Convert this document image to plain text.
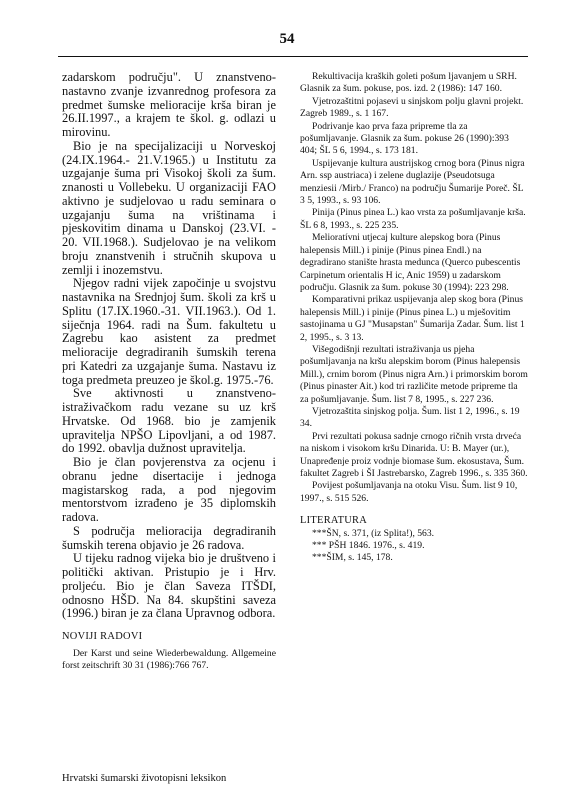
54

zadarskom području". U znanstveno-nastavno zvanje izvanrednog profesora za predmet šumske melioracije krša biran je 26.II.1997., a krajem te škol. g. odlazi u mirovinu.

Bio je na specijalizaciji u Norveskoj (24.IX.1964.- 21.V.1965.) u Institutu za uzgajanje šuma pri Visokoj školi za šum. znanosti u Vollebeku. U organizaciji FAO aktivno je sudjelovao u radu seminara o uzgajanju šuma na vrištinama i pjeskovitim dinama u Danskoj (23.VI. - 20. VII.1968.). Sudjelovao je na velikom broju znanstvenih i stručnih skupova u zemlji i inozemstvu.

Njegov radni vijek započinje u svojstvu nastavnika na Srednjoj šum. školi za krš u Splitu (17.IX.1960.-31. VII.1963.). Od 1. siječnja 1964. radi na Šum. fakultetu u Zagrebu kao asistent za predmet melioracije degradiranih šumskih terena pri Katedri za uzgajanje šuma. Nastavu iz toga predmeta preuzeo je škol.g. 1975.-76.

Sve aktivnosti u znanstveno-istraživačkom radu vezane su uz krš Hrvatske. Od 1968. bio je zamjenik upravitelja NPŠO Lipovljani, a od 1987. do 1992. obavlja dužnost upravitelja.

Bio je član povjerenstva za ocjenu i obranu jedne disertacije i jednoga magistarskog rada, a pod njegovim mentorstvom izrađeno je 35 diplomskih radova.

S područja melioracija degradiranih šumskih terena objavio je 26 radova.

U tijeku radnog vijeka bio je društveno i politički aktivan. Pristupio je i Hrv. proljeću. Bio je član Saveza ITŠDI, odnosno HŠD. Na 84. skupštini saveza (1996.) biran je za člana Upravnog odbora.

NOVIJI RADOVI

Der Karst und seine Wiederbewaldung. Allgemeine forst zeitschrift 30 31 (1986):766 767.

Rekultivacija kraških goleti pošum ljavanjem u SRH. Glasnik za šum. pokuse, pos. izd. 2 (1986): 147 160.

Vjetrozaštitni pojasevi u sinjskom polju glavni projekt. Zagreb 1989., s. 1 167.

Podrivanje kao prva faza pripreme tla za pošumljavanje. Glasnik za šum. pokuse 26 (1990):393 404; ŠL 5 6, 1994., s. 173 181.

Uspijevanje kultura austrijskog crnog bora (Pinus nigra Arn. ssp austriaca) i zelene duglazije (Pseudotsuga menziesii /Mirb./ Franco) na području Šumarije Poreč. ŠL 3 5, 1993., s. 93 106.

Pinija (Pinus pinea L.) kao vrsta za pošumljavanje krša. ŠL 6 8, 1993., s. 225 235.

Melioratívni utjecaj kulture alepskog bora (Pinus halepensis Mill.) i pinije (Pinus pinea Endl.) na degradirano stanište hrasta medunca (Querco pubescentis Carpinetum orientalis H ic, Anic 1959) u zadarskom području. Glasnik za šum. pokuse 30 (1994): 223 298.

Komparativni prikaz uspijevanja alep skog bora (Pinus halepensis Mill.) i pinije (Pinus pinea L.) u mješovitim sastojinama u GJ "Musapstan" Šumarija Zadar. Šum. list 1 2, 1995., s. 3 13.

Višegodišnji rezultati istraživanja us pjeha pošumljavanja na kršu alepskim borom (Pinus halepensis Mill.), crnim borom (Pinus nigra Arn.) i primorskim borom (Pinus pinaster Ait.) kod tri različite metode pripreme tla za pošumljavanje. Šum. list 7 8, 1995., s. 227 236.

Vjetrozaštita sinjskog polja. Šum. list 1 2, 1996., s. 19 34.

Prvi rezultati pokusa sadnje crnogo ričnih vrsta drveća na niskom i visokom kršu Dinarida. U: B. Mayer (ur.), Unapređenje proiz vodnje biomase šum. ekosustava, Šum. fakultet Zagreb i ŠI Jastrebarsko, Zagreb 1996., s. 335 360.

Povijest pošumljavanja na otoku Visu. Šum. list 9 10, 1997., s. 515 526.

LITERATURA

***ŠN, s. 371, (iz Splita!), 563.

*** PŠH 1846. 1976., s. 419.

***ŠIM, s. 145, 178.

Hrvatski šumarski životopisni leksikon
